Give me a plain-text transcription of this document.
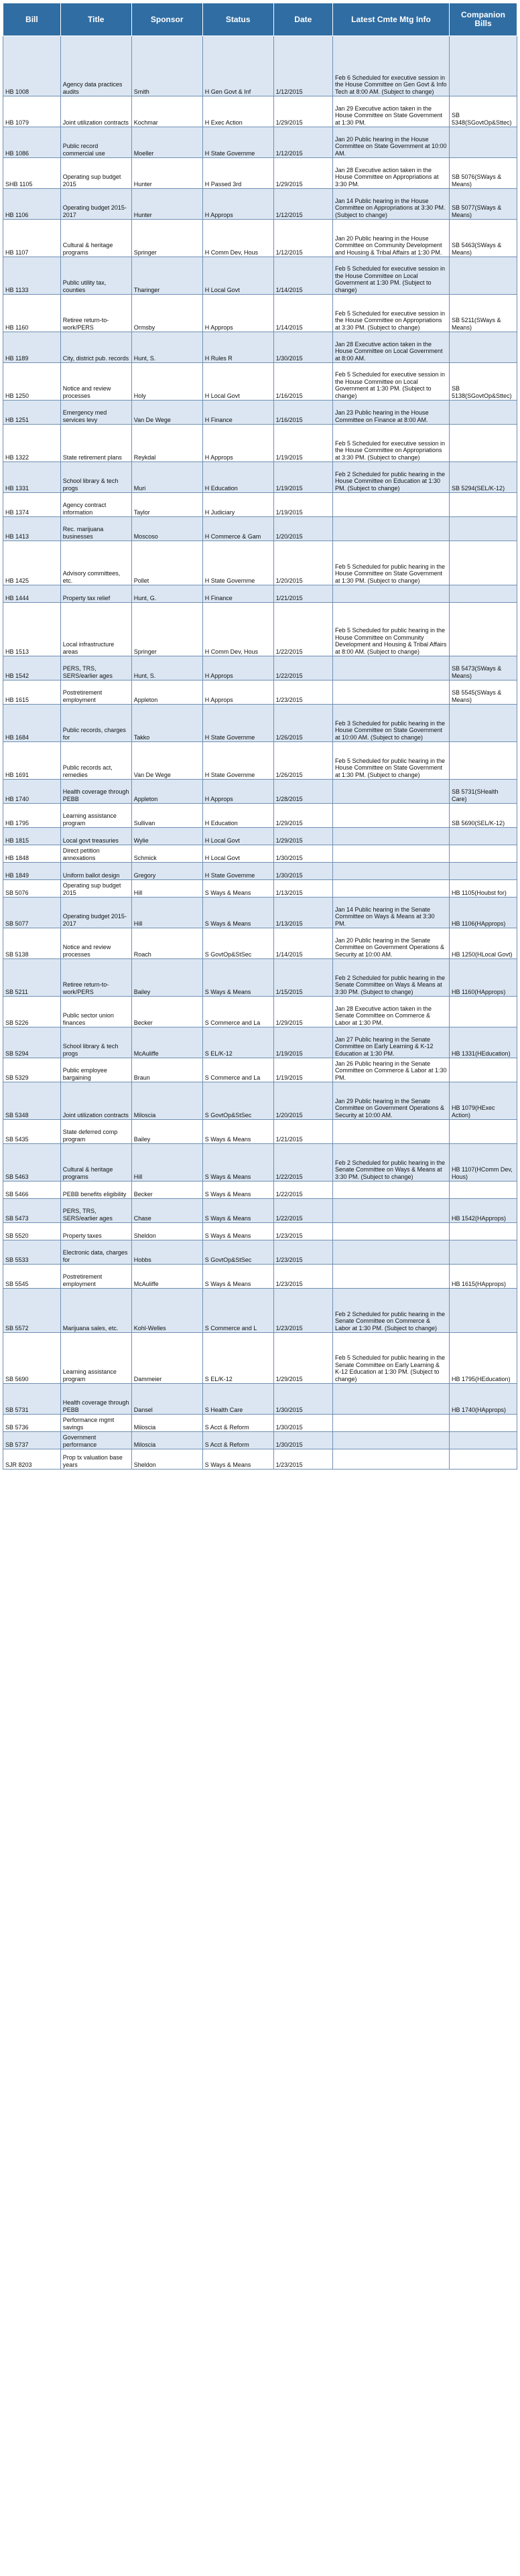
Bill	Title	Sponsor	Status	Date	Latest Cmte Mtg Info	Companion Bills
HB 1008	Agency data practices audits	Smith	H Gen Govt & Inf	1/12/2015	Feb 6 Scheduled for executive session in the House Committee on Gen Govt & Info Tech at 8:00 AM. (Subject to change)	
HB 1079	Joint utilization contracts	Kochmar	H Exec Action	1/29/2015	Jan 29 Executive action taken in the House Committee on State Government at 1:30 PM.	SB 5348(SGovtOp&Sttec)
HB 1086	Public record commercial use	Moeller	H State Governme	1/12/2015	Jan 20 Public hearing in the House Committee on State Government at 10:00 AM.	
SHB 1105	Operating sup budget 2015	Hunter	H Passed 3rd	1/29/2015	Jan 28 Executive action taken in the House Committee on Appropriations at 3:30 PM.	SB 5076(SWays & Means)
HB 1106	Operating budget 2015-2017	Hunter	H Approps	1/12/2015	Jan 14 Public hearing in the House Committee on Appropriations at 3:30 PM. (Subject to change)	SB 5077(SWays & Means)
HB 1107	Cultural & heritage programs	Springer	H Comm Dev, Hous	1/12/2015	Jan 20 Public hearing in the House Committee on Community Development and Housing & Tribal Affairs at 1:30 PM.	SB 5463(SWays & Means)
HB 1133	Public utility tax, counties	Tharinger	H Local Govt	1/14/2015	Feb 5 Scheduled for executive session in the House Committee on Local Government at 1:30 PM. (Subject to change)	
HB 1160	Retiree return-to-work/PERS	Ormsby	H Approps	1/14/2015	Feb 5 Scheduled for executive session in the House Committee on Appropriations at 3:30 PM. (Subject to change)	SB 5211(SWays & Means)
HB 1189	City, district pub. records	Hunt, S.	H Rules R	1/30/2015	Jan 28 Executive action taken in the House Committee on Local Government at 8:00 AM.	
HB 1250	Notice and review processes	Holy	H Local Govt	1/16/2015	Feb 5 Scheduled for executive session in the House Committee on Local Government at 1:30 PM. (Subject to change)	SB 5138(SGovtOp&Sttec)
HB 1251	Emergency med services levy	Van De Wege	H Finance	1/16/2015	Jan 23 Public hearing in the House Committee on Finance at 8:00 AM.	
HB 1322	State retirement plans	Reykdal	H Approps	1/19/2015	Feb 5 Scheduled for executive session in the House Committee on Appropriations at 3:30 PM. (Subject to change)	
HB 1331	School library & tech progs	Muri	H Education	1/19/2015	Feb 2 Scheduled for public hearing in the House Committee on Education at 1:30 PM. (Subject to change)	SB 5294(SEL/K-12)
HB 1374	Agency contract information	Taylor	H Judiciary	1/19/2015		
HB 1413	Rec. marijuana businesses	Moscoso	H Commerce & Gam	1/20/2015		
HB 1425	Advisory committees, etc.	Pollet	H State Governme	1/20/2015	Feb 5 Scheduled for public hearing in the House Committee on State Government at 1:30 PM. (Subject to change)	
HB 1444	Property tax relief	Hunt, G.	H Finance	1/21/2015		
HB 1513	Local infrastructure areas	Springer	H Comm Dev, Hous	1/22/2015	Feb 5 Scheduled for public hearing in the House Committee on Community Development and Housing & Tribal Affairs at 8:00 AM. (Subject to change)	
HB 1542	PERS, TRS, SERS/earlier ages	Hunt, S.	H Approps	1/22/2015		SB 5473(SWays & Means)
HB 1615	Postretirement employment	Appleton	H Approps	1/23/2015		SB 5545(SWays & Means)
HB 1684	Public records, charges for	Takko	H State Governme	1/26/2015	Feb 3 Scheduled for public hearing in the House Committee on State Government at 10:00 AM. (Subject to change)	
HB 1691	Public records act, remedies	Van De Wege	H State Governme	1/26/2015	Feb 5 Scheduled for public hearing in the House Committee on State Government at 1:30 PM. (Subject to change)	
HB 1740	Health coverage through PEBB	Appleton	H Approps	1/28/2015		SB 5731(SHealth Care)
HB 1795	Learning assistance program	Sullivan	H Education	1/29/2015		SB 5690(SEL/K-12)
HB 1815	Local govt treasuries	Wylie	H Local Govt	1/29/2015		
HB 1848	Direct petition annexations	Schmick	H Local Govt	1/30/2015		
HB 1849	Uniform ballot design	Gregory	H State Governme	1/30/2015		
SB 5076	Operating sup budget 2015	Hill	S Ways & Means	1/13/2015		HB 1105(Houbst for)
SB 5077	Operating budget 2015-2017	Hill	S Ways & Means	1/13/2015	Jan 14 Public hearing in the Senate Committee on Ways & Means at 3:30 PM.	HB 1106(HApprops)
SB 5138	Notice and review processes	Roach	S GovtOp&StSec	1/14/2015	Jan 20 Public hearing in the Senate Committee on Government Operations & Security at 10:00 AM.	HB 1250(HLocal Govt)
SB 5211	Retiree return-to-work/PERS	Bailey	S Ways & Means	1/15/2015	Feb 2 Scheduled for public hearing in the Senate Committee on Ways & Means at 3:30 PM. (Subject to change)	HB 1160(HApprops)
SB 5226	Public sector union finances	Becker	S Commerce and La	1/29/2015	Jan 28 Executive action taken in the Senate Committee on Commerce & Labor at 1:30 PM.	
SB 5294	School library & tech progs	McAuliffe	S EL/K-12	1/19/2015	Jan 27 Public hearing in the Senate Committee on Early Learning & K-12 Education at 1:30 PM.	HB 1331(HEducation)
SB 5329	Public employee bargaining	Braun	S Commerce and La	1/19/2015	Jan 26 Public hearing in the Senate Committee on Commerce & Labor at 1:30 PM.	
SB 5348	Joint utilization contracts	Miloscia	S GovtOp&StSec	1/20/2015	Jan 29 Public hearing in the Senate Committee on Government Operations & Security at 10:00 AM.	HB 1079(HExec Action)
SB 5435	State deferred comp program	Bailey	S Ways & Means	1/21/2015		
SB 5463	Cultural & heritage programs	Hill	S Ways & Means	1/22/2015	Feb 2 Scheduled for public hearing in the Senate Committee on Ways & Means at 3:30 PM. (Subject to change)	HB 1107(HComm Dev, Hous)
SB 5466	PEBB benefits eligibility	Becker	S Ways & Means	1/22/2015		
SB 5473	PERS, TRS, SERS/earlier ages	Chase	S Ways & Means	1/22/2015		HB 1542(HApprops)
SB 5520	Property taxes	Sheldon	S Ways & Means	1/23/2015		
SB 5533	Electronic data, charges for	Hobbs	S GovtOp&StSec	1/23/2015		
SB 5545	Postretirement employment	McAuliffe	S Ways & Means	1/23/2015		HB 1615(HApprops)
SB 5572	Marijuana sales, etc.	Kohl-Welles	S Commerce and L	1/23/2015	Feb 2 Scheduled for public hearing in the Senate Committee on Commerce & Labor at 1:30 PM. (Subject to change)	
SB 5690	Learning assistance program	Dammeier	S EL/K-12	1/29/2015	Feb 5 Scheduled for public hearing in the Senate Committee on Early Learning & K-12 Education at 1:30 PM. (Subject to change)	HB 1795(HEducation)
SB 5731	Health coverage through PEBB	Dansel	S Health Care	1/30/2015		HB 1740(HApprops)
SB 5736	Performance mgmt savings	Miloscia	S Acct & Reform	1/30/2015		
SB 5737	Government performance	Miloscia	S Acct & Reform	1/30/2015		
SJR 8203	Prop tx valuation base years	Sheldon	S Ways & Means	1/23/2015		
